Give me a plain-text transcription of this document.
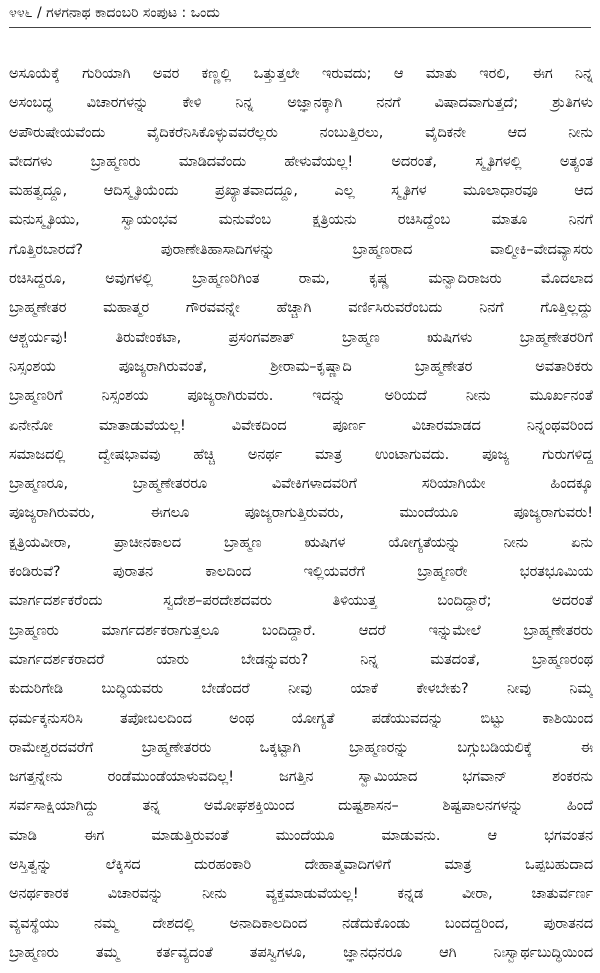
೪೪೬ / ಗಳಗನಾಥ ಕಾದಂಬರಿ ಸಂಪುಟ : ಒಂದು
ಅಸೂಯೆಕ್ಕೆ ಗುರಿಯಾಗಿ ಅವರ ಕಣ್ಣಲ್ಲಿ ಒತ್ತುತ್ತಲೇ ಇರುವದು; ಆ ಮಾತು ಇರಲಿ, ಈಗ ನಿನ್ನ
ಅಸಂಬದ್ಧ ವಿಚಾರಗಳನ್ನು ಕೇಳಿ ನಿನ್ನ ಅಜ್ಞಾನಕ್ಕಾಗಿ ನನಗೆ ವಿಷಾದವಾಗುತ್ತದೆ; ಶ್ರುತಿಗಳು
ಅಪೌರುಷೇಯವೆಂದು ವೈದಿಕರೆನಿಸಿಕೊಳ್ಳುವವರೆಲ್ಲರು ನಂಬುತ್ತಿರಲು, ವೈದಿಕನೇ ಆದ ನೀನು
ವೇದಗಳು ಬ್ರಾಹ್ಮಣರು ಮಾಡಿದವೆಂದು ಹೇಳುವೆಯಲ್ಲ! ಅದರಂತೆ, ಸ್ಮೃತಿಗಳಲ್ಲಿ ಅತ್ಯಂತ
ಮಹತ್ವದ್ದೂ, ಆದಿಸ್ಮೃತಿಯೆಂದು ಪ್ರಖ್ಯಾತವಾದದ್ದೂ, ಎಲ್ಲ ಸ್ಮೃತಿಗಳ ಮೂಲಾಧಾರವೂ ಆದ
ಮನುಸ್ಮೃತಿಯು, ಸ್ವಾಯಂಭವ ಮನುವೆಂಬ ಕ್ಷತ್ರಿಯನು ರಚಿಸಿದ್ದೆಂಬ ಮಾತೂ ನಿನಗೆ
ಗೊತ್ತಿರಬಾರದೆ? ಪುರಾಣೇತಿಹಾಸಾದಿಗಳನ್ನು ಬ್ರಾಹ್ಮಣರಾದ ವಾಲ್ಮೀಕಿ–ವೇದವ್ಯಾಸರು
ರಚಿಸಿದ್ದರೂ, ಅವುಗಳಲ್ಲಿ ಬ್ರಾಹ್ಮಣರಿಗಿಂತ ರಾಮ, ಕೃಷ್ಣ ಮನ್ವಾದಿರಾಜರು ಮೊದಲಾದ
ಬ್ರಾಹ್ಮಣೇತರ ಮಹಾತ್ಮರ ಗೌರವವನ್ನೇ ಹೆಚ್ಚಾಗಿ ವರ್ಣಿಸಿರುವರೆಂಬದು ನಿನಗೆ ಗೊತ್ತಿಲ್ಲದ್ದು
ಆಶ್ಚರ್ಯವು! ತಿರುವೇಂಕಟಾ, ಪ್ರಸಂಗವಶಾತ್ ಬ್ರಾಹ್ಮಣ ಋಷಿಗಳು ಬ್ರಾಹ್ಮಣೇತರರಿಗೆ
ನಿಸ್ಸಂಶಯ ಪೂಜ್ಯರಾಗಿರುವಂತೆ, ಶ್ರೀರಾಮ–ಕೃಷ್ಣಾದಿ ಬ್ರಾಹ್ಮಣೇತರ ಅವತಾರಿಕರು
ಬ್ರಾಹ್ಮಣರಿಗೆ ನಿಸ್ಸಂಶಯ ಪೂಜ್ಯರಾಗಿರುವರು. ಇದನ್ನು ಅರಿಯದೆ ನೀನು ಮೂರ್ಖನಂತೆ
ಏನೇನೋ ಮಾತಾಡುವೆಯಲ್ಲ! ವಿವೇಕದಿಂದ ಪೂರ್ಣ ವಿಚಾರಮಾಡದ ನಿನ್ನಂಥವರಿಂದ
ಸಮಾಜದಲ್ಲಿ ದ್ವೇಷಭಾವವು ಹೆಚ್ಚಿ ಅನರ್ಥ ಮಾತ್ರ ಉಂಟಾಗುವದು. ಪೂಜ್ಯ ಗುರುಗಳಿದ್ದ
ಬ್ರಾಹ್ಮಣರೂ, ಬ್ರಾಹ್ಮಣೇತರರೂ ವಿವೇಕಿಗಳಾದವರಿಗೆ ಸರಿಯಾಗಿಯೇ ಹಿಂದಕ್ಕೂ
ಪೂಜ್ಯರಾಗಿರುವರು, ಈಗಲೂ ಪೂಜ್ಯರಾಗುತ್ತಿರುವರು, ಮುಂದೆಯೂ ಪೂಜ್ಯರಾಗುವರು!
ಕ್ಷತ್ರಿಯವೀರಾ, ಪ್ರಾಚೀನಕಾಲದ ಬ್ರಾಹ್ಮಣ ಋಷಿಗಳ ಯೋಗ್ಯತೆಯನ್ನು ನೀನು ಏನು
ಕಂಡಿರುವೆ? ಪುರಾತನ ಕಾಲದಿಂದ ಇಲ್ಲಿಯವರೆಗೆ ಬ್ರಾಹ್ಮಣರೇ ಭರತಭೂಮಿಯ
ಮಾರ್ಗದರ್ಶಕರೆಂದು ಸ್ವದೇಶ–ಪರದೇಶದವರು ತಿಳಿಯುತ್ತ ಬಂದಿದ್ದಾರೆ; ಅದರಂತೆ
ಬ್ರಾಹ್ಮಣರು ಮಾರ್ಗದರ್ಶಕರಾಗುತ್ತಲೂ ಬಂದಿದ್ದಾರೆ. ಆದರೆ ಇನ್ನುಮೇಲೆ ಬ್ರಾಹ್ಮಣೇತರರು
ಮಾರ್ಗದರ್ಶಕರಾದರೆ ಯಾರು ಬೇಡನ್ನುವರು? ನಿನ್ನ ಮತದಂತೆ, ಬ್ರಾಹ್ಮಣರಂಥ
ಕುದುರಿಗೇಡಿ ಬುದ್ಧಿಯವರು ಬೇಡೆಂದರೆ ನೀವು ಯಾಕೆ ಕೇಳಬೇಕು? ನೀವು ನಿಮ್ಮ
ಧರ್ಮಕ್ಕನುಸರಿಸಿ ತಪೋಬಲದಿಂದ ಅಂಥ ಯೋಗ್ಯತೆ ಪಡೆಯುವದನ್ನು ಬಿಟ್ಟು ಕಾಶಿಯಿಂದ
ರಾಮೇಶ್ವರದವರೆಗೆ ಬ್ರಾಹ್ಮಣೇತರರು ಒಕ್ಕಟ್ಟಾಗಿ ಬ್ರಾಹ್ಮಣರನ್ನು ಬಗ್ಗುಬಡಿಯಲಿಕ್ಕೆ ಈ
ಜಗತ್ತನ್ನೇನು ರಂಡೆಮುಂಡೆಯಾಳುವದಿಲ್ಲ! ಜಗತ್ತಿನ ಸ್ವಾಮಿಯಾದ ಭಗವಾನ್ ಶಂಕರನು
ಸರ್ವಸಾಕ್ಷಿಯಾಗಿದ್ದು ತನ್ನ ಅಮೋಘಶಕ್ತಿಯಿಂದ ದುಷ್ಟಶಾಸನ– ಶಿಷ್ಟಪಾಲನಗಳನ್ನು ಹಿಂದೆ
ಮಾಡಿ ಈಗ ಮಾಡುತ್ತಿರುವಂತೆ ಮುಂದೆಯೂ ಮಾಡುವನು. ಆ ಭಗವಂತನ
ಅಸ್ತಿತ್ವನ್ನು ಲೆಕ್ಕಿಸದ ದುರಹಂಕಾರಿ ದೇಹಾತ್ಮವಾದಿಗಳಿಗೆ ಮಾತ್ರ ಒಪ್ಪಬಹುದಾದ
ಅನರ್ಥಕಾರಕ ವಿಚಾರವನ್ನು ನೀನು ವ್ಯಕ್ತಮಾಡುವೆಯಲ್ಲ! ಕನ್ನಡ ವೀರಾ, ಚಾತುರ್ವರ್ಣ
ವ್ಯವಸ್ಥೆಯು ನಮ್ಮ ದೇಶದಲ್ಲಿ ಅನಾದಿಕಾಲದಿಂದ ನಡೆದುಕೊಂಡು ಬಂದದ್ದರಿಂದ, ಪುರಾತನದ
ಬ್ರಾಹ್ಮಣರು ತಮ್ಮ ಕರ್ತವ್ಯದಂತೆ ತಪಸ್ವಿಗಳೂ, ಜ್ಞಾನಧನರೂ ಆಗಿ ನಿಃಸ್ವಾರ್ಥಬುದ್ಧಿಯಿಂದ
